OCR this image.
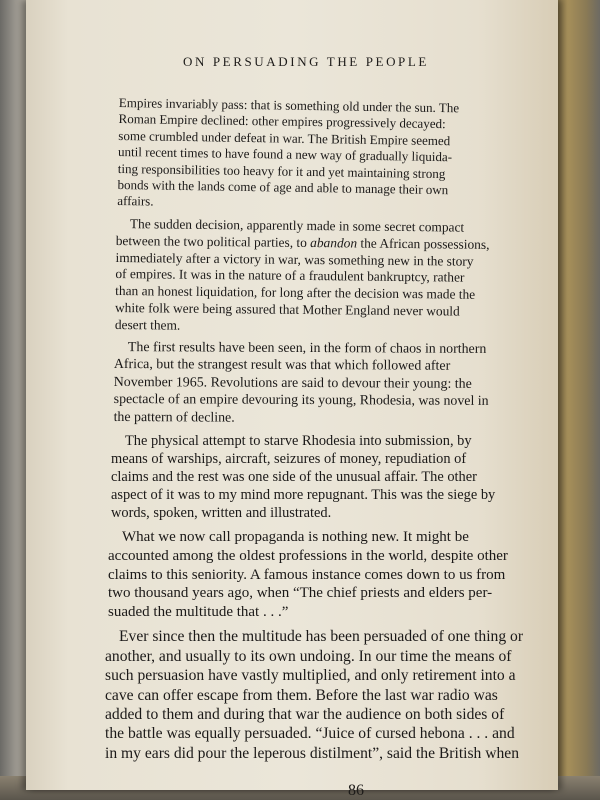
ON PERSUADING THE PEOPLE
Empires invariably pass: that is something old under the sun. The
Roman Empire declined: other empires progressively decayed:
some crumbled under defeat in war. The British Empire seemed
until recent times to have found a new way of gradually liquida-
ting responsibilities too heavy for it and yet maintaining strong
bonds with the lands come of age and able to manage their own
affairs.
The sudden decision, apparently made in some secret compact
between the two political parties, to abandon the African possessions,
immediately after a victory in war, was something new in the story
of empires. It was in the nature of a fraudulent bankruptcy, rather
than an honest liquidation, for long after the decision was made the
white folk were being assured that Mother England never would
desert them.
The first results have been seen, in the form of chaos in northern
Africa, but the strangest result was that which followed after
November 1965. Revolutions are said to devour their young: the
spectacle of an empire devouring its young, Rhodesia, was novel in
the pattern of decline.
The physical attempt to starve Rhodesia into submission, by
means of warships, aircraft, seizures of money, repudiation of
claims and the rest was one side of the unusual affair. The other
aspect of it was to my mind more repugnant. This was the siege by
words, spoken, written and illustrated.
What we now call propaganda is nothing new. It might be
accounted among the oldest professions in the world, despite other
claims to this seniority. A famous instance comes down to us from
two thousand years ago, when “The chief priests and elders per-
suaded the multitude that . . .”
Ever since then the multitude has been persuaded of one thing or
another, and usually to its own undoing. In our time the means of
such persuasion have vastly multiplied, and only retirement into a
cave can offer escape from them. Before the last war radio was
added to them and during that war the audience on both sides of
the battle was equally persuaded. “Juice of cursed hebona . . . and
in my ears did pour the leperous distilment”, said the British when
86
